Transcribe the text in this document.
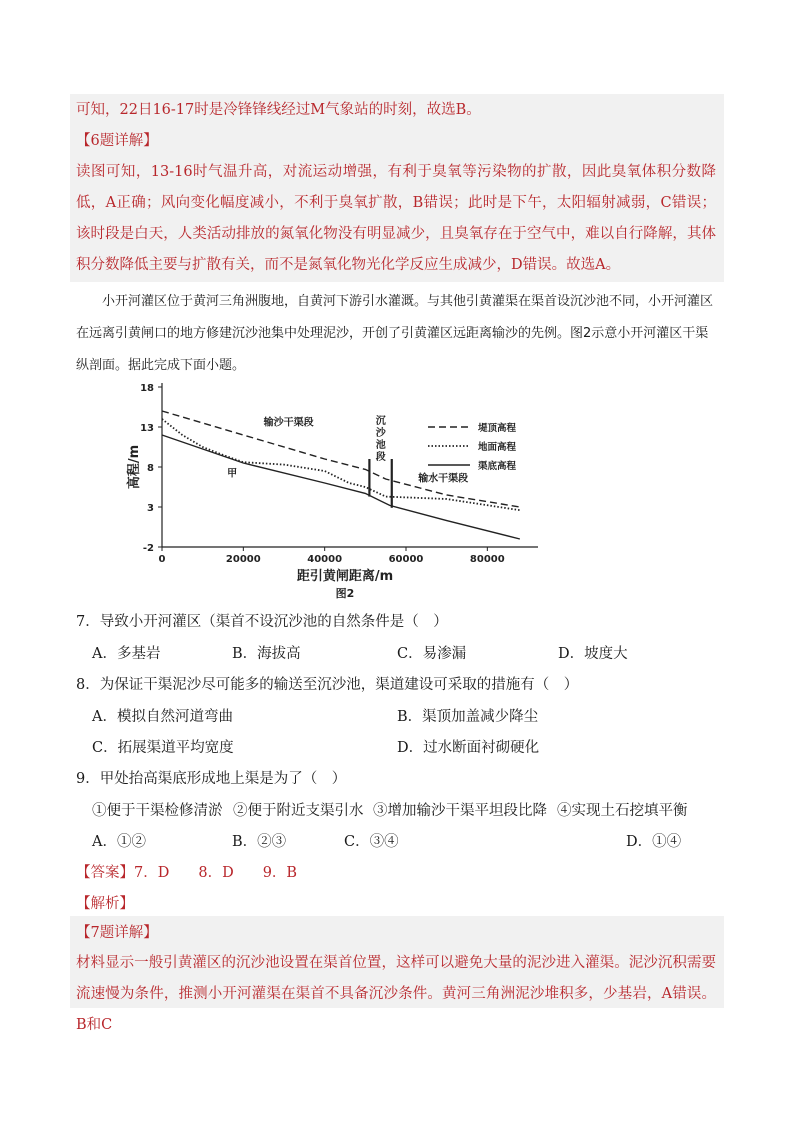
可知，22日16-17时是冷锋锋线经过M气象站的时刻，故选B。
【6题详解】
读图可知，13-16时气温升高，对流运动增强，有利于臭氧等污染物的扩散，因此臭氧体积分数降低，A正确；风向变化幅度减小，不利于臭氧扩散，B错误；此时是下午，太阳辐射减弱，C错误；该时段是白天，人类活动排放的氮氧化物没有明显减少，且臭氧存在于空气中，难以自行降解，其体积分数降低主要与扩散有关，而不是氮氧化物光化学反应生成减少，D错误。故选A。
小开河灌区位于黄河三角洲腹地，自黄河下游引水灌溉。与其他引黄灌渠在渠首设沉沙池不同，小开河灌区在远离引黄闸口的地方修建沉沙池集中处理泥沙，开创了引黄灌区远距离输沙的先例。图2示意小开河灌区干渠纵剖面。据此完成下面小题。
-2
3
8
13
18
0	20000	40000	60000	80000
距引黄闸距离/m
高程/m
图2
输沙干渠段	沉
沙
池
段
输水干渠段
甲
堤顶高程
地面高程
渠底高程
7．导致小开河灌区（渠首不设沉沙池的自然条件是（　）
A．多基岩	B．海拔高	C．易渗漏	D．坡度大
8．为保证干渠泥沙尽可能多的输送至沉沙池，渠道建设可采取的措施有（　）
A．模拟自然河道弯曲	B．渠顶加盖减少降尘
C．拓展渠道平均宽度	D．过水断面衬砌硬化
9．甲处抬高渠底形成地上渠是为了（　）
①便于干渠检修清淤 ②便于附近支渠引水 ③增加输沙干渠平坦段比降 ④实现土石挖填平衡
A．①②	B．②③	C．③④	D．①④
【答案】7．D　　8．D　　9．B
【解析】
【7题详解】
材料显示一般引黄灌区的沉沙池设置在渠首位置，这样可以避免大量的泥沙进入灌渠。泥沙沉积需要流速慢为条件，推测小开河灌渠在渠首不具备沉沙条件。黄河三角洲泥沙堆积多，少基岩，A错误。B和C
